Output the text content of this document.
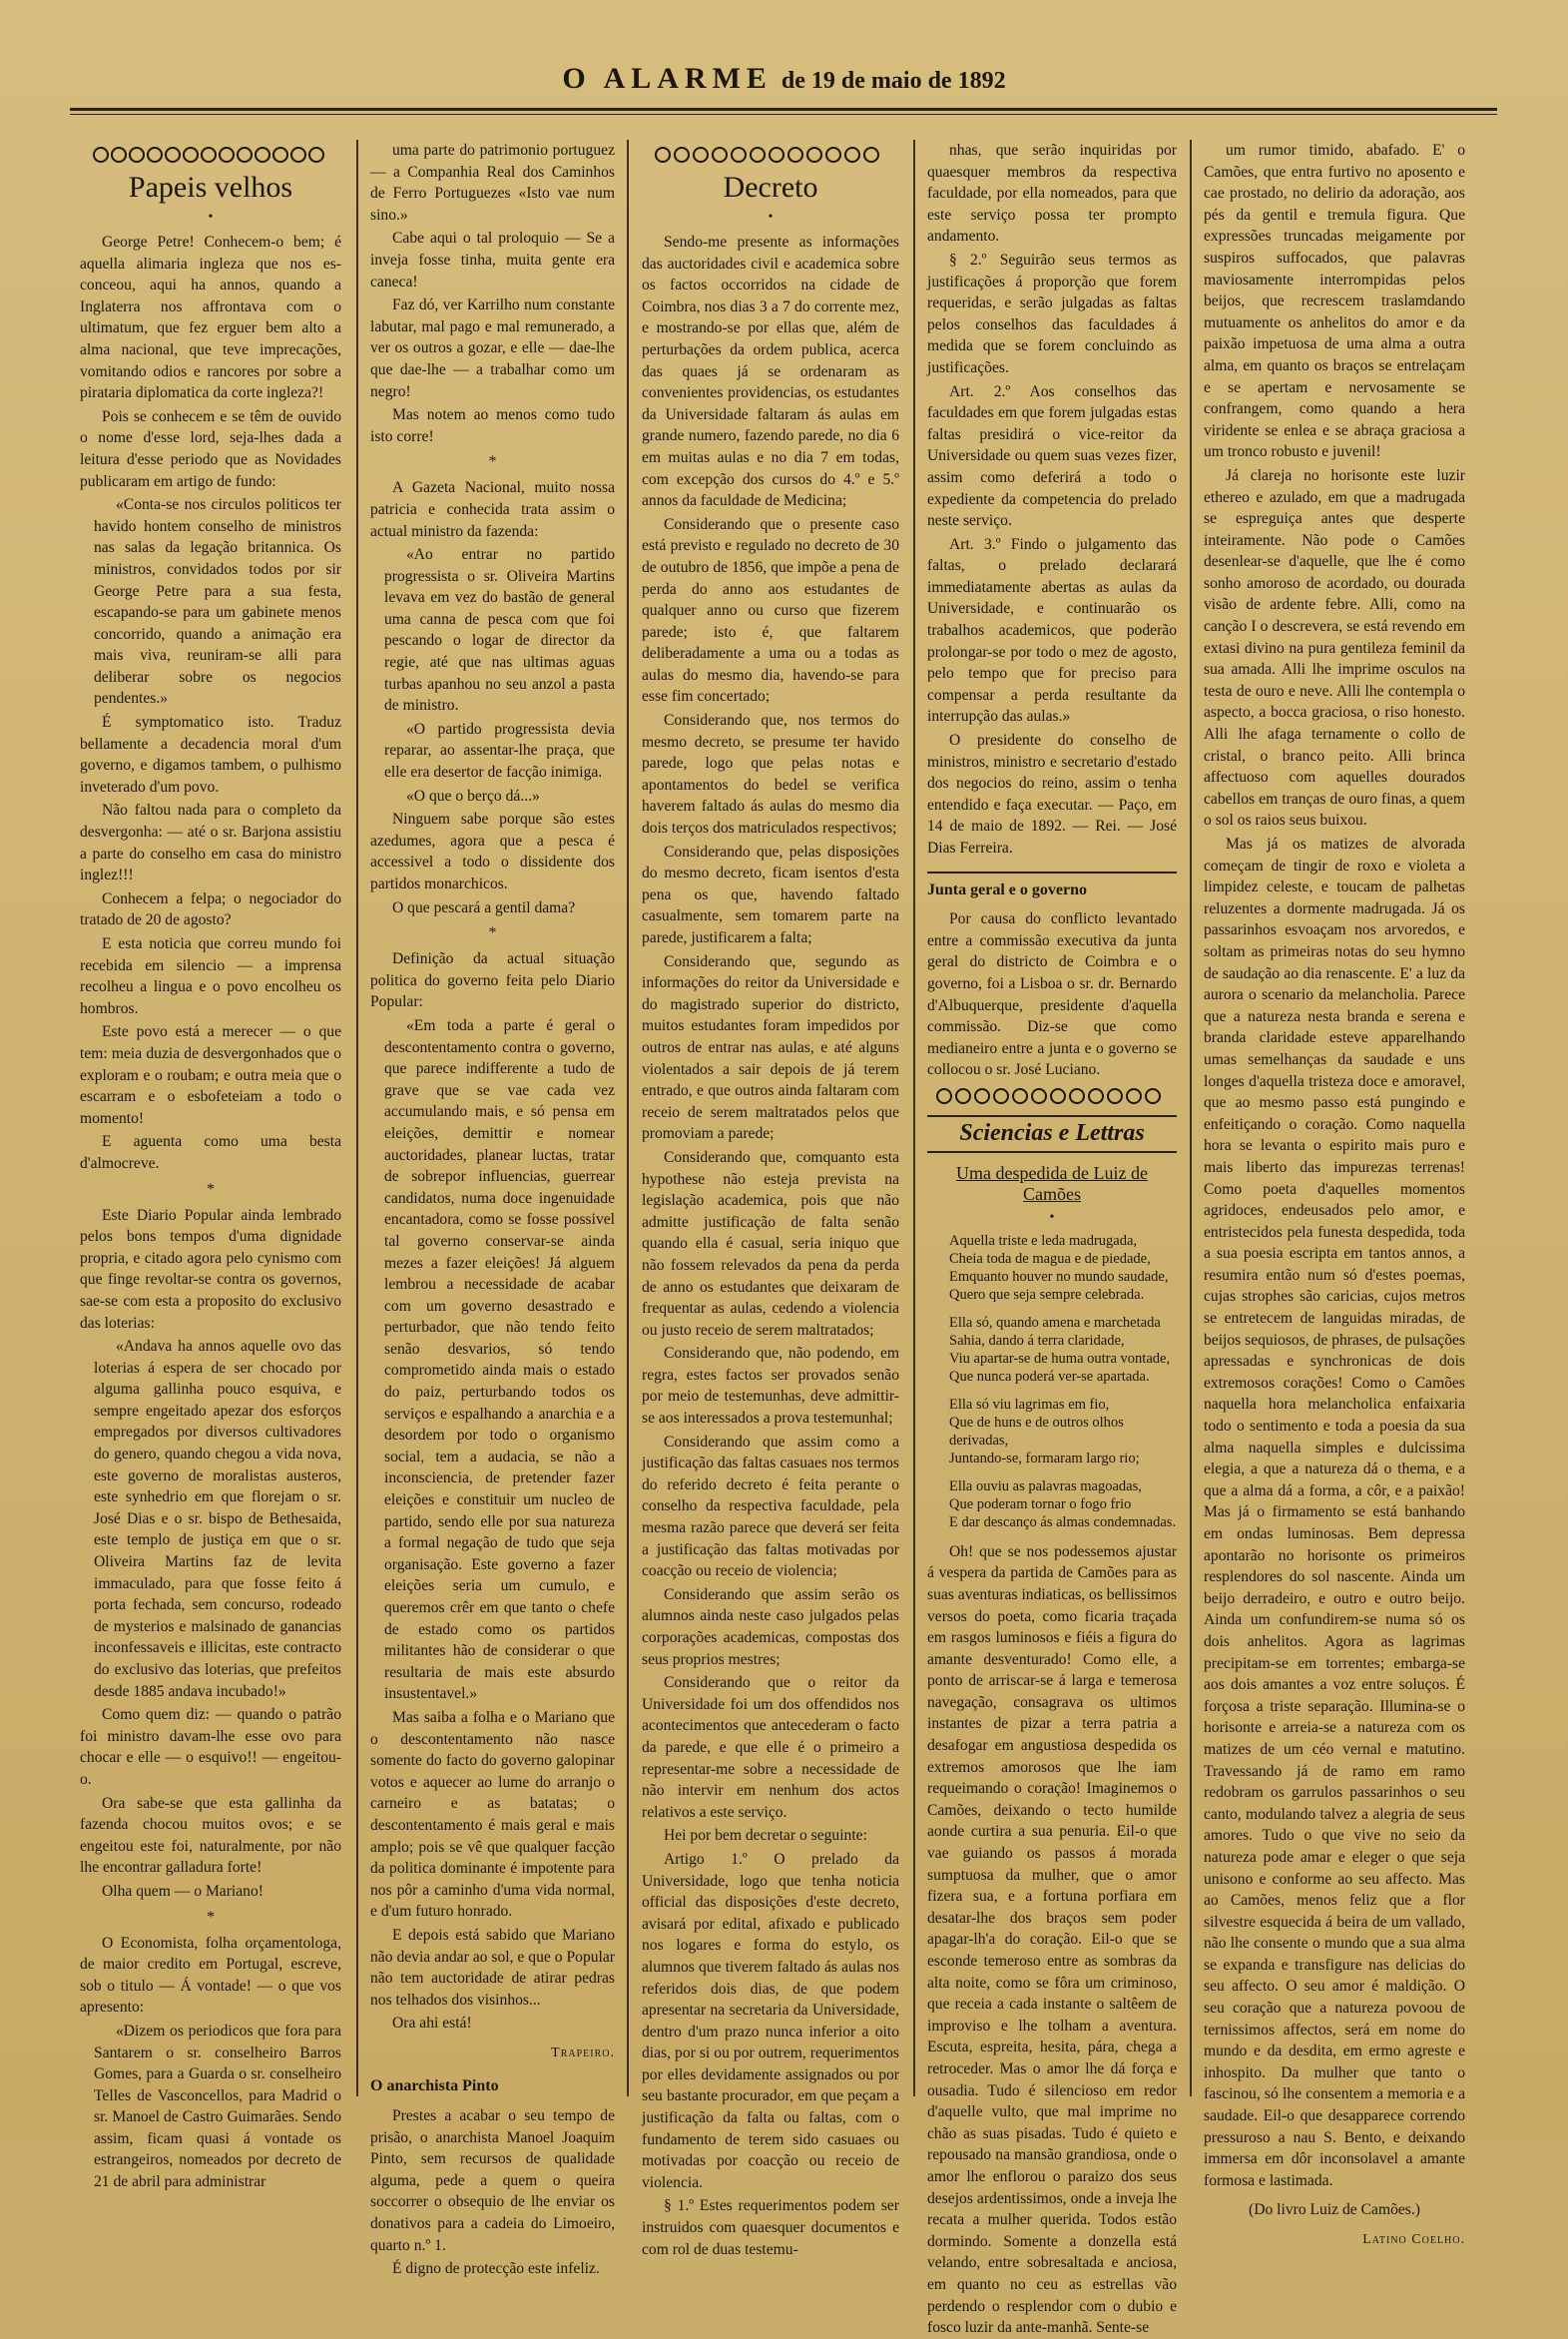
O ALARME de 19 de maio de 1892
Papeis velhos
•

George Petre! Conhecem-o bem; é aquella alimaria ingleza que nos es-conceou, aqui ha annos, quando a Inglaterra nos affrontava com o ultimatum, que fez erguer bem alto a alma nacional, que teve imprecações, vomitando odios e rancores por sobre a pirataria diplomatica da corte ingleza?!

Pois se conhecem e se têm de ouvido o nome d'esse lord, seja-lhes dada a leitura d'esse periodo que as Novidades publicaram em artigo de fundo:

«Conta-se nos circulos politicos ter havido hontem conselho de ministros nas salas da legação britannica. Os ministros, convidados todos por sir George Petre para a sua festa, escapando-se para um gabinete menos concorrido, quando a animação era mais viva, reuniram-se alli para deliberar sobre os negocios pendentes.»

É symptomatico isto. Traduz bellamente a decadencia moral d'um governo, e digamos tambem, o pulhismo inveterado d'um povo.

Não faltou nada para o completo da desvergonha: — até o sr. Barjona assistiu a parte do conselho em casa do ministro inglez!!!

Conhecem a felpa; o negociador do tratado de 20 de agosto?

E esta noticia que correu mundo foi recebida em silencio — a imprensa recolheu a lingua e o povo encolheu os hombros.

Este povo está a merecer — o que tem: meia duzia de desvergonhados que o exploram e o roubam; e outra meia que o escarram e o esbofeteiam a todo o momento!

E aguenta como uma besta d'almocreve.

*

Este Diario Popular ainda lembrado pelos bons tempos d'uma dignidade propria, e citado agora pelo cynismo com que finge revoltar-se contra os governos, sae-se com esta a proposito do exclusivo das loterias:

«Andava ha annos aquelle ovo das loterias á espera de ser chocado por alguma gallinha pouco esquiva, e sempre engeitado apezar dos esforços empregados por diversos cultivadores do genero, quando chegou a vida nova, este governo de moralistas austeros, este synhedrio em que florejam o sr. José Dias e o sr. bispo de Bethesaida, este templo de justiça em que o sr. Oliveira Martins faz de levita immaculado, para que fosse feito á porta fechada, sem concurso, rodeado de mysterios e malsinado de ganancias inconfessaveis e illicitas, este contracto do exclusivo das loterias, que prefeitos desde 1885 andava incubado!»

Como quem diz: — quando o patrão foi ministro davam-lhe esse ovo para chocar e elle — o esquivo!! — engeitou-o.

Ora sabe-se que esta gallinha da fazenda chocou muitos ovos; e se engeitou este foi, naturalmente, por não lhe encontrar galladura forte!

Olha quem — o Mariano!

*

O Economista, folha orçamentologa, de maior credito em Portugal, escreve, sob o titulo — Á vontade! — o que vos apresento:

«Dizem os periodicos que fora para Santarem o sr. conselheiro Barros Gomes, para a Guarda o sr. conselheiro Telles de Vasconcellos, para Madrid o sr. Manoel de Castro Guimarães. Sendo assim, ficam quasi á vontade os estrangeiros, nomeados por decreto de 21 de abril para administrar

uma parte do patrimonio portuguez — a Companhia Real dos Caminhos de Ferro Portuguezes «Isto vae num sino.»

Cabe aqui o tal proloquio — Se a inveja fosse tinha, muita gente era caneca!

Faz dó, ver Karrilho num constante labutar, mal pago e mal remunerado, a ver os outros a gozar, e elle — dae-lhe que dae-lhe — a trabalhar como um negro!

Mas notem ao menos como tudo isto corre!

*

A Gazeta Nacional, muito nossa patricia e conhecida trata assim o actual ministro da fazenda:

«Ao entrar no partido progressista o sr. Oliveira Martins levava em vez do bastão de general uma canna de pesca com que foi pescando o logar de director da regie, até que nas ultimas aguas turbas apanhou no seu anzol a pasta de ministro.

«O partido progressista devia reparar, ao assentar-lhe praça, que elle era desertor de facção inimiga.

«O que o berço dá...»

Ninguem sabe porque são estes azedumes, agora que a pesca é accessivel a todo o dissidente dos partidos monarchicos.

O que pescará a gentil dama?

*

Definição da actual situação politica do governo feita pelo Diario Popular:

«Em toda a parte é geral o descontentamento contra o governo, que parece indifferente a tudo de grave que se vae cada vez accumulando mais, e só pensa em eleições, demittir e nomear auctoridades, planear luctas, tratar de sobrepor influencias, guerrear candidatos, numa doce ingenuidade encantadora, como se fosse possivel tal governo conservar-se ainda mezes a fazer eleições! Já alguem lembrou a necessidade de acabar com um governo desastrado e perturbador, que não tendo feito senão desvarios, só tendo comprometido ainda mais o estado do paiz, perturbando todos os serviços e espalhando a anarchia e a desordem por todo o organismo social, tem a audacia, se não a inconsciencia, de pretender fazer eleições e constituir um nucleo de partido, sendo elle por sua natureza a formal negação de tudo que seja organisação. Este governo a fazer eleições seria um cumulo, e queremos crêr em que tanto o chefe de estado como os partidos militantes hão de considerar o que resultaria de mais este absurdo insustentavel.»

Mas saiba a folha e o Mariano que o descontentamento não nasce somente do facto do governo galopinar votos e aquecer ao lume do arranjo o carneiro e as batatas; o descontentamento é mais geral e mais amplo; pois se vê que qualquer facção da politica dominante é impotente para nos pôr a caminho d'uma vida normal, e d'um futuro honrado.

E depois está sabido que Mariano não devia andar ao sol, e que o Popular não tem auctoridade de atirar pedras nos telhados dos visinhos...

Ora ahi está!

Trapeiro.
O anarchista Pinto

Prestes a acabar o seu tempo de prisão, o anarchista Manoel Joaquim Pinto, sem recursos de qualidade alguma, pede a quem o queira soccorrer o obsequio de lhe enviar os donativos para a cadeia do Limoeiro, quarto n.º 1.

É digno de protecção este infeliz.

Decreto
•

Sendo-me presente as informações das auctoridades civil e academica sobre os factos occorridos na cidade de Coimbra, nos dias 3 a 7 do corrente mez, e mostrando-se por ellas que, além de perturbações da ordem publica, acerca das quaes já se ordenaram as convenientes providencias, os estudantes da Universidade faltaram ás aulas em grande numero, fazendo parede, no dia 6 em muitas aulas e no dia 7 em todas, com excepção dos cursos do 4.º e 5.º annos da faculdade de Medicina;

Considerando que o presente caso está previsto e regulado no decreto de 30 de outubro de 1856, que impõe a pena de perda do anno aos estudantes de qualquer anno ou curso que fizerem parede; isto é, que faltarem deliberadamente a uma ou a todas as aulas do mesmo dia, havendo-se para esse fim concertado;

Considerando que, nos termos do mesmo decreto, se presume ter havido parede, logo que pelas notas e apontamentos do bedel se verifica haverem faltado ás aulas do mesmo dia dois terços dos matriculados respectivos;

Considerando que, pelas disposições do mesmo decreto, ficam isentos d'esta pena os que, havendo faltado casualmente, sem tomarem parte na parede, justificarem a falta;

Considerando que, segundo as informações do reitor da Universidade e do magistrado superior do districto, muitos estudantes foram impedidos por outros de entrar nas aulas, e até alguns violentados a sair depois de já terem entrado, e que outros ainda faltaram com receio de serem maltratados pelos que promoviam a parede;

Considerando que, comquanto esta hypothese não esteja prevista na legislação academica, pois que não admitte justificação de falta senão quando ella é casual, seria iniquo que não fossem relevados da pena da perda de anno os estudantes que deixaram de frequentar as aulas, cedendo a violencia ou justo receio de serem maltratados;

Considerando que, não podendo, em regra, estes factos ser provados senão por meio de testemunhas, deve admittir-se aos interessados a prova testemunhal;

Considerando que assim como a justificação das faltas casuaes nos termos do referido decreto é feita perante o conselho da respectiva faculdade, pela mesma razão parece que deverá ser feita a justificação das faltas motivadas por coacção ou receio de violencia;

Considerando que assim serão os alumnos ainda neste caso julgados pelas corporações academicas, compostas dos seus proprios mestres;

Considerando que o reitor da Universidade foi um dos offendidos nos acontecimentos que antecederam o facto da parede, e que elle é o primeiro a representar-me sobre a necessidade de não intervir em nenhum dos actos relativos a este serviço.

Hei por bem decretar o seguinte:

Artigo 1.º O prelado da Universidade, logo que tenha noticia official das disposições d'este decreto, avisará por edital, afixado e publicado nos logares e forma do estylo, os alumnos que tiverem faltado ás aulas nos referidos dois dias, de que podem apresentar na secretaria da Universidade, dentro d'um prazo nunca inferior a oito dias, por si ou por outrem, requerimentos por elles devidamente assignados ou por seu bastante procurador, em que peçam a justificação da falta ou faltas, com o fundamento de terem sido casuaes ou motivadas por coacção ou receio de violencia.

§ 1.º Estes requerimentos podem ser instruidos com quaesquer documentos e com rol de duas testemu-

nhas, que serão inquiridas por quaesquer membros da respectiva faculdade, por ella nomeados, para que este serviço possa ter prompto andamento.

§ 2.º Seguirão seus termos as justificações á proporção que forem requeridas, e serão julgadas as faltas pelos conselhos das faculdades á medida que se forem concluindo as justificações.

Art. 2.º Aos conselhos das faculdades em que forem julgadas estas faltas presidirá o vice-reitor da Universidade ou quem suas vezes fizer, assim como deferirá a todo o expediente da competencia do prelado neste serviço.

Art. 3.º Findo o julgamento das faltas, o prelado declarará immediatamente abertas as aulas da Universidade, e continuarão os trabalhos academicos, que poderão prolongar-se por todo o mez de agosto, pelo tempo que for preciso para compensar a perda resultante da interrupção das aulas.»

O presidente do conselho de ministros, ministro e secretario d'estado dos negocios do reino, assim o tenha entendido e faça executar. — Paço, em 14 de maio de 1892. — Rei. — José Dias Ferreira.

Junta geral e o governo

Por causa do conflicto levantado entre a commissão executiva da junta geral do districto de Coimbra e o governo, foi a Lisboa o sr. dr. Bernardo d'Albuquerque, presidente d'aquella commissão. Diz-se que como medianeiro entre a junta e o governo se collocou o sr. José Luciano.

Sciencias e Lettras
Uma despedida de Luiz de Camões
•
Aquella triste e leda madrugada,
Cheia toda de magua e de piedade,
Emquanto houver no mundo saudade,
Quero que seja sempre celebrada.
Ella só, quando amena e marchetada
Sahia, dando á terra claridade,
Viu apartar-se de huma outra vontade,
Que nunca poderá ver-se apartada.
Ella só viu lagrimas em fio,
Que de huns e de outros olhos derivadas,
Juntando-se, formaram largo rio;
Ella ouviu as palavras magoadas,
Que poderam tornar o fogo frio
E dar descanço ás almas condemnadas.

Oh! que se nos podessemos ajustar á vespera da partida de Camões para as suas aventuras indiaticas, os bellissimos versos do poeta, como ficaria traçada em rasgos luminosos e fiéis a figura do amante desventurado! Como elle, a ponto de arriscar-se á larga e temerosa navegação, consagrava os ultimos instantes de pizar a terra patria a desafogar em angustiosa despedida os extremos amorosos que lhe iam requeimando o coração! Imaginemos o Camões, deixando o tecto humilde aonde curtira a sua penuria. Eil-o que vae guiando os passos á morada sumptuosa da mulher, que o amor fizera sua, e a fortuna porfiara em desatar-lhe dos braços sem poder apagar-lh'a do coração. Eil-o que se esconde temeroso entre as sombras da alta noite, como se fôra um criminoso, que receia a cada instante o saltêem de improviso e lhe tolham a aventura. Escuta, espreita, hesita, pára, chega a retroceder. Mas o amor lhe dá força e ousadia. Tudo é silencioso em redor d'aquelle vulto, que mal imprime no chão as suas pisadas. Tudo é quieto e repousado na mansão grandiosa, onde o amor lhe enflorou o paraizo dos seus desejos ardentissimos, onde a inveja lhe recata a mulher querida. Todos estão dormindo. Somente a donzella está velando, entre sobresaltada e anciosa, em quanto no ceu as estrellas vão perdendo o resplendor com o dubio e fosco luzir da ante-manhã. Sente-se

um rumor timido, abafado. E' o Camões, que entra furtivo no aposento e cae prostado, no delirio da adoração, aos pés da gentil e tremula figura. Que expressões truncadas meigamente por suspiros suffocados, que palavras maviosamente interrompidas pelos beijos, que recrescem traslamdando mutuamente os anhelitos do amor e da paixão impetuosa de uma alma a outra alma, em quanto os braços se entrelaçam e se apertam e nervosamente se confrangem, como quando a hera viridente se enlea e se abraça graciosa a um tronco robusto e juvenil!

Já clareja no horisonte este luzir ethereo e azulado, em que a madrugada se espreguiça antes que desperte inteiramente. Não pode o Camões desenlear-se d'aquelle, que lhe é como sonho amoroso de acordado, ou dourada visão de ardente febre. Alli, como na canção I o descrevera, se está revendo em extasi divino na pura gentileza feminil da sua amada. Alli lhe imprime osculos na testa de ouro e neve. Alli lhe contempla o aspecto, a bocca graciosa, o riso honesto. Alli lhe afaga ternamente o collo de cristal, o branco peito. Alli brinca affectuoso com aquelles dourados cabellos em tranças de ouro finas, a quem o sol os raios seus buixou.

Mas já os matizes de alvorada começam de tingir de roxo e violeta a limpidez celeste, e toucam de palhetas reluzentes a dormente madrugada. Já os passarinhos esvoaçam nos arvoredos, e soltam as primeiras notas do seu hymno de saudação ao dia renascente. E' a luz da aurora o scenario da melancholia. Parece que a natureza nesta branda e serena e branda claridade esteve apparelhando umas semelhanças da saudade e uns longes d'aquella tristeza doce e amoravel, que ao mesmo passo está pungindo e enfeitiçando o coração. Como naquella hora se levanta o espirito mais puro e mais liberto das impurezas terrenas! Como poeta d'aquelles momentos agridoces, endeusados pelo amor, e entristecidos pela funesta despedida, toda a sua poesia escripta em tantos annos, a resumira então num só d'estes poemas, cujas strophes são caricias, cujos metros se entretecem de languidas miradas, de beijos sequiosos, de phrases, de pulsações apressadas e synchronicas de dois extremosos corações! Como o Camões naquella hora melancholica enfaixaria todo o sentimento e toda a poesia da sua alma naquella simples e dulcissima elegia, a que a natureza dá o thema, e a que a alma dá a forma, a côr, e a paixão! Mas já o firmamento se está banhando em ondas luminosas. Bem depressa apontarão no horisonte os primeiros resplendores do sol nascente. Ainda um beijo derradeiro, e outro e outro beijo. Ainda um confundirem-se numa só os dois anhelitos. Agora as lagrimas precipitam-se em torrentes; embarga-se aos dois amantes a voz entre soluços. É forçosa a triste separação. Illumina-se o horisonte e arreia-se a natureza com os matizes de um céo vernal e matutino. Travessando já de ramo em ramo redobram os garrulos passarinhos o seu canto, modulando talvez a alegria de seus amores. Tudo o que vive no seio da natureza pode amar e eleger o que seja unisono e conforme ao seu affecto. Mas ao Camões, menos feliz que a flor silvestre esquecida á beira de um vallado, não lhe consente o mundo que a sua alma se expanda e transfigure nas delicias do seu affecto. O seu amor é maldição. O seu coração que a natureza povoou de ternissimos affectos, será em nome do mundo e da desdita, em ermo agreste e inhospito. Da mulher que tanto o fascinou, só lhe consentem a memoria e a saudade. Eil-o que desapparece correndo pressuroso a nau S. Bento, e deixando immersa em dôr inconsolavel a amante formosa e lastimada.

(Do livro Luiz de Camões.)

Latino Coelho.
